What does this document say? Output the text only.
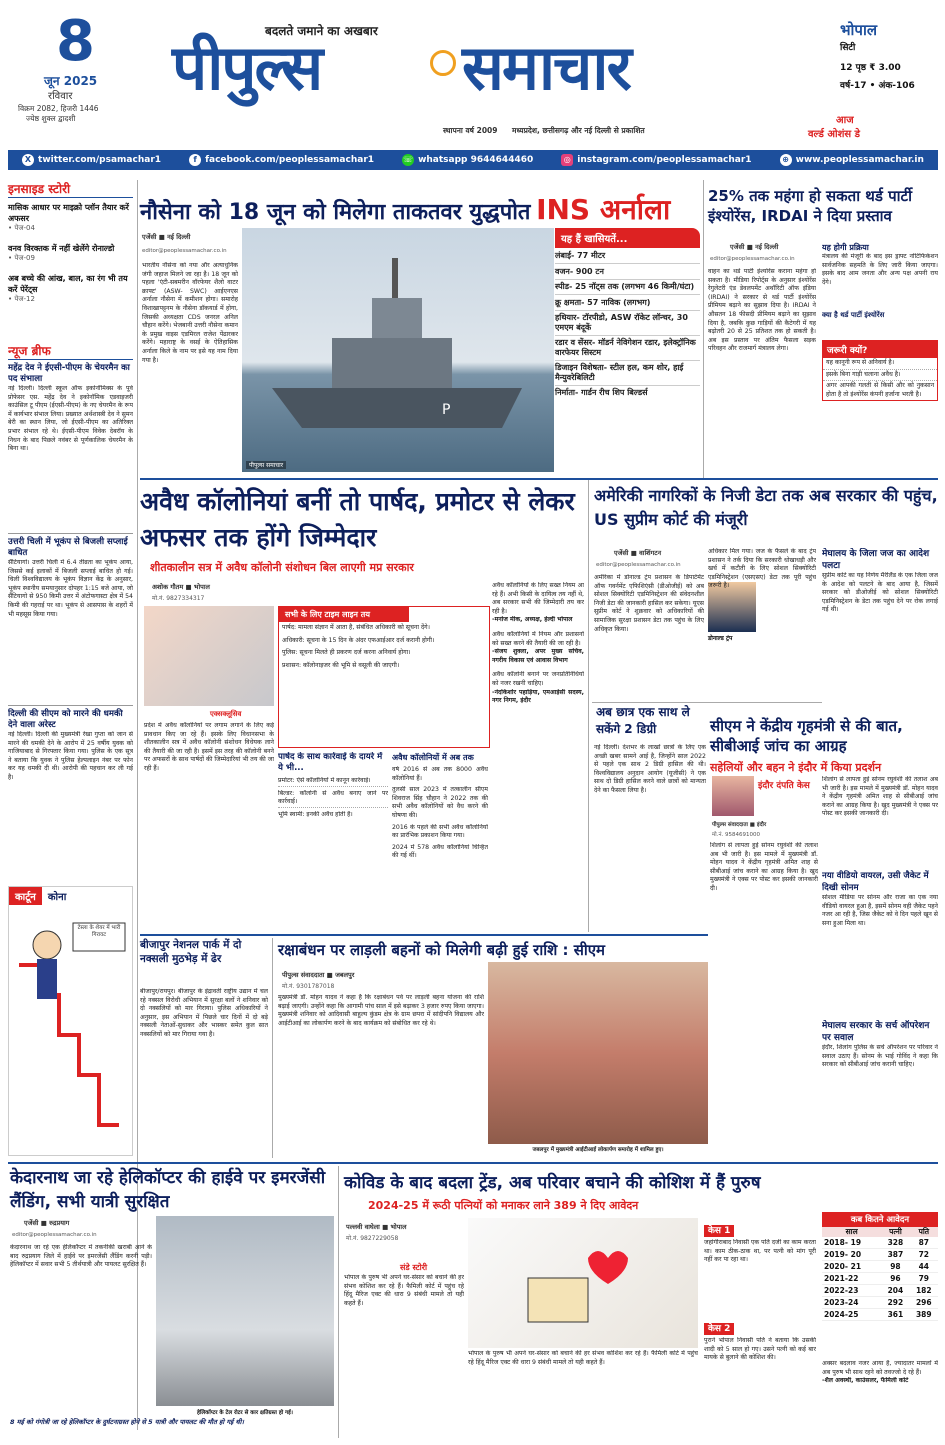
8
जून 2025
रविवार
विक्रम 2082, हिजरी 1446
ज्येष्ठ शुक्ल द्वादशी
बदलते जमाने का अखबार
पीपुल्स समाचार
स्थापना वर्ष 2009 मध्यप्रदेश, छत्तीसगढ़ और नई दिल्ली से प्रकाशित
भोपाल
सिटी
12 पृष्ठ ₹ 3.00
वर्ष-17 • अंक-106
आज
वर्ल्ड ओशंस डे
X twitter.com/psamachar1	f facebook.com/peoplessamachar1	☏ whatsapp 9644644460	◎ instagram.com/peoplessamachar1	⊕ www.peoplessamachar.in
इनसाइड स्टोरी
मासिक आधार पर माइक्रो प्लॉन तैयार करें अफसर
• पेज-04
वनव विरक्तक में नहीं खेलेंगे रोनाल्डो
• पेज-09
अब बच्चे की आंख, बाल, का रंग भी तय करें पेरेंट्स
• पेज-12
न्यूज ब्रीफ
महेंद्र देव ने ईएसी-पीएम के चेयरमैन का पद संभाला
नई दिल्ली। दिल्ली स्कूल ऑफ इकोनॉमिक्स के पूर्व प्रोफेसर एस. महेंद्र देव ने इकोनॉमिक एडवाइजरी काउंसिल टू पीएम (ईएसी-पीएम) के नए चेयरमैन के रूप में कार्यभार संभाल लिया। प्रख्यात अर्थशास्त्री देव ने सुमन बेरी का स्थान लिया, जो ईएसी-पीएम का अतिरिक्त प्रभार संभाल रहे थे। ईएसी-पीएम विवेक देबरॉय के निधन के बाद पिछले नवंबर से पूर्णकालिक चेयरमैन के बिना था।
उत्तरी चिली में भूकंप से बिजली सप्लाई बाधित
सैंटियागो। उत्तरी चिली में 6.4 तीव्रता का भूकंप आया, जिससे कई इलाकों में बिजली सप्लाई बाधित हो गई। चिली विश्वविद्यालय के भूकंप विज्ञान केंद्र के अनुसार, भूकंप स्थानीय समयानुसार दोपहर 1:15 बजे आया, जो सैंटियागो से 950 किमी उत्तर में अंटोफगास्टा क्षेत्र में 54 किमी की गहराई पर था। भूकंप से आसपास के शहरों में भी महसूस किया गया।
दिल्ली की सीएम को मारने की धमकी देने वाला अरेस्ट
नई दिल्ली। दिल्ली की मुख्यमंत्री रेखा गुप्ता को जान से मारने की धमकी देने के आरोप में 25 वर्षीय युवक को गाजियाबाद से गिरफ्तार किया गया। पुलिस के एक सूत्र ने बताया कि युवक ने पुलिस हेल्पलाइन नंबर पर फोन कर यह धमकी दी थी। आरोपी की पहचान कर ली गई है।
कार्टून	कोना
टेस्ला के शेयर में भारी गिरावट
नौसेना को 18 जून को मिलेगा ताकतवर युद्धपोत INS अर्नाला
एजेंसी ■ नई दिल्ली
editor@peoplessamachar.co.in
भारतीय नौसेना को नया और अत्याधुनिक जंगी जहाज मिलने जा रहा है। 18 जून को पहला 'एंटी-सबमरीन वॉरफेयर शैलो वाटर क्राफ्ट' (ASW- SWC) आईएनएस अर्नाला नौसेना में कमीशन होगा। समारोह विशाखापट्टनम के नौसेना डॉकयार्ड में होगा, जिसकी अध्यक्षता CDS जनरल अनिल चौहान करेंगे। भेजबानी उत्तरी नौसेना कमान के प्रमुख वाइस एडमिरल राजेश पेंढारकर करेंगे। महाराष्ट्र के वसई के ऐतिहासिक अर्नाला किले के नाम पर इसे यह नाम दिया गया है।
P
पीपुल्स समाचार
यह हैं खासियतें...
लंबाई- 77 मीटर
वजन- 900 टन
स्पीड- 25 नॉट्स तक (लगभग 46 किमी/घंटा)
क्रू क्षमता- 57 नाविक (लगभग)
हथियार- टॉरपीडो, ASW रॉकेट लॉन्चर, 30 एमएम बंदूकें
रडार व सेंसर- मॉडर्न नेविगेशन रडार, इलेक्ट्रॉनिक वारफेयर सिस्टम
डिजाइन विशेषता- स्टील हल, कम शोर, हाई मैन्युवरेबिलिटी
निर्माता- गार्डन रीच शिप बिल्डर्स
25% तक महंगा हो सकता थर्ड पार्टी इंश्योरेंस, IRDAI ने दिया प्रस्ताव
एजेंसी ■ नई दिल्ली
editor@peoplessamachar.co.in
वाहन का थर्ड पार्टी इंश्योरेंस कराना महंगा हो सकता है। मीडिया रिपोर्ट्स के अनुसार इंश्योरेंस रेगुलेटरी एंड डेवलपमेंट अथॉरिटी ऑफ इंडिया (IRDAI) ने सरकार से थर्ड पार्टी इंश्योरेंस प्रीमियम बढ़ाने का सुझाव दिया है। IRDAI ने औसतन 18 फीसदी प्रीमियम बढ़ाने का सुझाव दिया है, जबकि कुछ गाड़ियों की कैटेगरी में यह बढ़ोतरी 20 से 25 प्रतिशत तक हो सकती है। अब इस प्रस्ताव पर अंतिम फैसला सड़क परिवहन और राजमार्ग मंत्रालय लेगा।
यह होगी प्रक्रिया
मंत्रालय की मंजूरी के बाद इस ड्राफ्ट नोटिफिकेशन सार्वजनिक सहमति के लिए जारी किया जाएगा। इसके बाद आम जनता और अन्य पक्ष अपनी राय देंगे।
क्या है थर्ड पार्टी इंश्योरेंस
जरूरी क्यों?
यह कानूनी रूप से अनिवार्य है।
इसके बिना गाड़ी चलाना अवैध है।
अगर आपकी गलती से किसी और को नुकसान होता है तो इंश्योरेंस कंपनी हर्जाना भरती है।
अवैध कॉलोनियां बनीं तो पार्षद, प्रमोटर से लेकर अफसर तक होंगे जिम्मेदार
शीतकालीन सत्र में अवैध कॉलोनी संशोधन बिल लाएगी मप्र सरकार
अशोक गौतम ■ भोपाल
मो.नं. 9827334317
एक्सक्लूसिव
प्रदेश में अवैध कॉलोनियों पर लगाम लगाने के लिए कई प्रावधान किए जा रहे हैं। इसके लिए विधानसभा के शीतकालीन सत्र में अवैध कॉलोनी संशोधन विधेयक लाने की तैयारी की जा रही है। इसमें इस तरह की कॉलोनी बनने पर अफसरों के साथ पार्षदों की जिम्मेदारियां भी तय की जा रही हैं।
सभी के लिए टाइम लाइन तय
पार्षद: मामला संज्ञान में आता है, संबंधित अधिकारी को सूचना देंगे।
अधिकारी: सूचना के 15 दिन के अंदर एफआईआर दर्ज करानी होगी।
पुलिस: सूचना मिलते ही प्रकरण दर्ज करना अनिवार्य होगा।
प्रशासन: कॉलोनाइजर की भूमि से वसूली की जाएगी।
पार्षद के साथ कार्रवाई के दायरे में ये भी...
प्रमोटर: ऐसे कॉलोनियों में कानून कार्रवाई।
बिल्डर: कॉलोनी से अवैध बनाए जाने पर कार्रवाई।
भूमि स्वामी: इनकी अवैध होती है।
अवैध कॉलोनियों में अब तक
वर्ष 2016 से अब तक 8000 अवैध कॉलोनियां हैं।
तुलसी साल 2023 में तत्कालीन सीएम शिवराज सिंह चौहान ने 2022 तक की सभी अवैध कॉलोनियों को वैध करने की घोषणा की।
2016 के पहले की सभी अवैध कॉलोनियों का प्रारंभिक प्रकाशन किया गया।
2024 में 578 अवैध कॉलोनियां चिन्हित की गई थीं।
अवैध कॉलोनियों के लिए सख्त नियम आ रहे हैं। अभी किसी के दायित्व तय नहीं थे, अब सरकार सभी की जिम्मेदारी तय कर रही है।
-मनोज मीक, अध्यक्ष, हेल्दी भोपाल
अवैध कॉलोनियों में नियम और प्रशासनों को सख्त करने की तैयारी की जा रही है।
-संजय शुक्ला, अपर मुख्य सचिव, नगरीय विकास एवं आवास विभाग
अवैध कॉलोनी बनाने पर जनप्रतिनिधियों को नजर रखनी चाहिए।
-नंदकिशोर पहाड़िया, एमआईसी सदस्य, नगर निगम, इंदौर
अमेरिकी नागरिकों के निजी डेटा तक अब सरकार की पहुंच, US सुप्रीम कोर्ट की मंजूरी
एजेंसी ■ वाशिंगटन
editor@peoplessamachar.co.in
अमेरिका में डोनाल्ड ट्रंप प्रशासन के डिपार्टमेंट ऑफ गवर्नमेंट एफिशिएंसी (डीओजीई) को अब सोशल सिक्योरिटी एडमिनिस्ट्रेशन की संवेदनशील निजी डेटा की जानकारी हासिल कर सकेगा। यूएस सुप्रीम कोर्ट ने शुक्रवार को अधिकारियों की सामाजिक सुरक्षा प्रशासन डेटा तक पहुंच के लिए अधिकृत किया।
डोनाल्ड ट्रंप
अधिकार मिल गया। जज के फैसले के बाद ट्रंप प्रशासन ने तर्क दिया कि सरकारी धोखाधड़ी और खर्च में कटौती के लिए सोशल सिक्योरिटी एडमिनिस्ट्रेशन (एसएसए) डेटा तक पूरी पहुंच जरूरी है।
मेघालय के जिला जज का आदेश पलटा
सुप्रीम कोर्ट का यह निर्णय मैरीलैंड के एक जिला जज के आदेश को पलटने के बाद आया है, जिसमें सरकार को डीओजीई को सोशल सिक्योरिटी एडमिनिस्ट्रेशन के डेटा तक पहुंच देने पर रोक लगाई गई थी।
अब छात्र एक साथ ले सकेंगे 2 डिग्री
नई दिल्ली। देशभर के लाखों छात्रों के लिए एक अच्छी खबर सामने आई है, जिन्होंने साल 2022 से पहले एक साथ 2 डिग्री हासिल की थी। विश्वविद्यालय अनुदान आयोग (यूजीसी) ने एक साथ दो डिग्री हासिल करने वाले छात्रों को मान्यता देने का फैसला लिया है।
सीएम ने केंद्रीय गृहमंत्री से की बात, सीबीआई जांच का आग्रह
सहेलियों और बहन ने इंदौर में किया प्रदर्शन
इंदौर दंपति केस
पीपुल्स संवाददाता ■ इंदौर
मो.नं. 9584691000
शिलांग से लापता हुई सोनम रघुवंशी की तलाश अब भी जारी है। इस मामले में मुख्यमंत्री डॉ. मोहन यादव ने केंद्रीय गृहमंत्री अमित शाह से सीबीआई जांच कराने का आग्रह किया है। खुद मुख्यमंत्री ने एक्स पर पोस्ट कर इसकी जानकारी दी।
शिलांग से लापता हुई सोनम रघुवंशी की तलाश अब भी जारी है। इस मामले में मुख्यमंत्री डॉ. मोहन यादव ने केंद्रीय गृहमंत्री अमित शाह से सीबीआई जांच कराने का आग्रह किया है। खुद मुख्यमंत्री ने एक्स पर पोस्ट कर इसकी जानकारी दी।
नया वीडियो वायरल, उसी जैकेट में दिखी सोनम
सोशल मीडिया पर सोनम और राजा का एक नया वीडियो वायरल हुआ है, इसमें सोनम वही जैकेट पहने नजर आ रही है, जिस जैकेट को वे दिन पहले खून से सना हुआ मिला था।
मेघालय सरकार के सर्च ऑपरेशन पर सवाल
इंदौर, शिलांग पुलिस के सर्च ऑपरेशन पर परिवार ने सवाल उठाए हैं। सोनम के भाई गोविंद ने कहा कि सरकार को सीबीआई जांच करानी चाहिए।
बीजापुर नेशनल पार्क में दो नक्सली मुठभेड़ में ढेर
बीजापुर/रायपुर। बीजापुर के इंद्रावती राष्ट्रीय उद्यान में चल रहे नक्सल विरोधी अभियान में सुरक्षा बलों ने शनिवार को दो नक्सलियों को मार गिराया। पुलिस अधिकारियों ने अनुसार, इस अभियान में पिछले चार दिनों में दो बड़े नक्सली नेताओं-सुधाकर और भास्कर समेत कुल सात नक्सलियों को मार गिराया गया है।
रक्षाबंधन पर लाड़ली बहनों को मिलेगी बढ़ी हुई राशि : सीएम
पीपुल्स संवाददाता ■ जबलपुर
मो.नं. 9301787018
मुख्यमंत्री डॉ. मोहन यादव ने कहा है कि रक्षाबंधन पर्व पर लाड़ली बहना योजना की राशि बढ़ाई जाएगी। उन्होंने कहा कि आगामी पांच साल में इसे बढ़ाकर 3 हजार रुपए किया जाएगा। मुख्यमंत्री शनिवार को आदिवासी बाहुल्य कुंडम क्षेत्र के ग्राम छपरा में सांदीपनि विद्यालय और आईटीआई का लोकार्पण करने के बाद कार्यक्रम को संबोधित कर रहे थे।
जबलपुर में मुख्यमंत्री आईटीआई लोकार्पण समारोह में शामिल हुए।
केदारनाथ जा रहे हेलिकॉप्टर की हाईवे पर इमरजेंसी लैंडिंग, सभी यात्री सुरक्षित
एजेंसी ■ रुद्रप्रयाग
editor@peoplessamachar.co.in
केदारनाथ जा रहे एक हेलिकॉप्टर में तकनीकी खराबी आने के बाद रुद्रप्रयाग जिले में हाईवे पर इमरजेंसी लैंडिंग करनी पड़ी। हेलिकॉप्टर में सवार सभी 5 तीर्थयात्री और पायलट सुरक्षित हैं।
हेलिकॉप्टर के टेल रोटर से कार क्षतिग्रस्त हो गई।
8 मई को गंगोत्री जा रहे हेलिकॉप्टर के दुर्घटनाग्रस्त होने से 5 यात्री और पायलट की मौत हो गई थी।
कोविड के बाद बदला ट्रेंड, अब परिवार बचाने की कोशिश में हैं पुरुष
2024-25 में रूठी पत्नियों को मनाकर लाने 389 ने दिए आवेदन
पल्लवी वाघेला ■ भोपाल
मो.नं. 9827229058
संडे स्टोरी
भोपाल के पुरुष भी अपने घर-संसार को बचाने की हर संभव कोशिश कर रहे हैं। फैमिली कोर्ट में पहुंच रहे हिंदू मैरिज एक्ट की धारा 9 संबंधी मामले तो यही कहते हैं।
भोपाल के पुरुष भी अपने घर-संसार को बचाने की हर संभव कोशिश कर रहे हैं। फैमिली कोर्ट में पहुंच रहे हिंदू मैरिज एक्ट की धारा 9 संबंधी मामले तो यही कहते हैं।
केस 1
जहांगीराबाद निवासी एक पति दर्जी का काम करता था। काम ठीक-ठाक था, पर पत्नी को मांग पूरी नहीं कर पा रहा था।
केस 2
पुराने भोपाल निवासी पति ने बताया कि उसकी शादी को 5 साल हो गए। उसने पत्नी को कई बार मायके से बुलाने की कोशिश की।
कब कितने आवेदन
साल	पत्नी	पति
2018- 19	328	87
2019- 20	387	72
2020- 21	98	44
2021-22	96	79
2022-23	204	182
2023-24	292	296
2024-25	361	389
अक्सर बदलाव नजर आया है, ज्यादातर मामलों में अब पुरुष भी साथ रहने को तवज्जो दे रहे हैं।
-शैल अवस्थी, काउंसलर, फैमिली कोर्ट
